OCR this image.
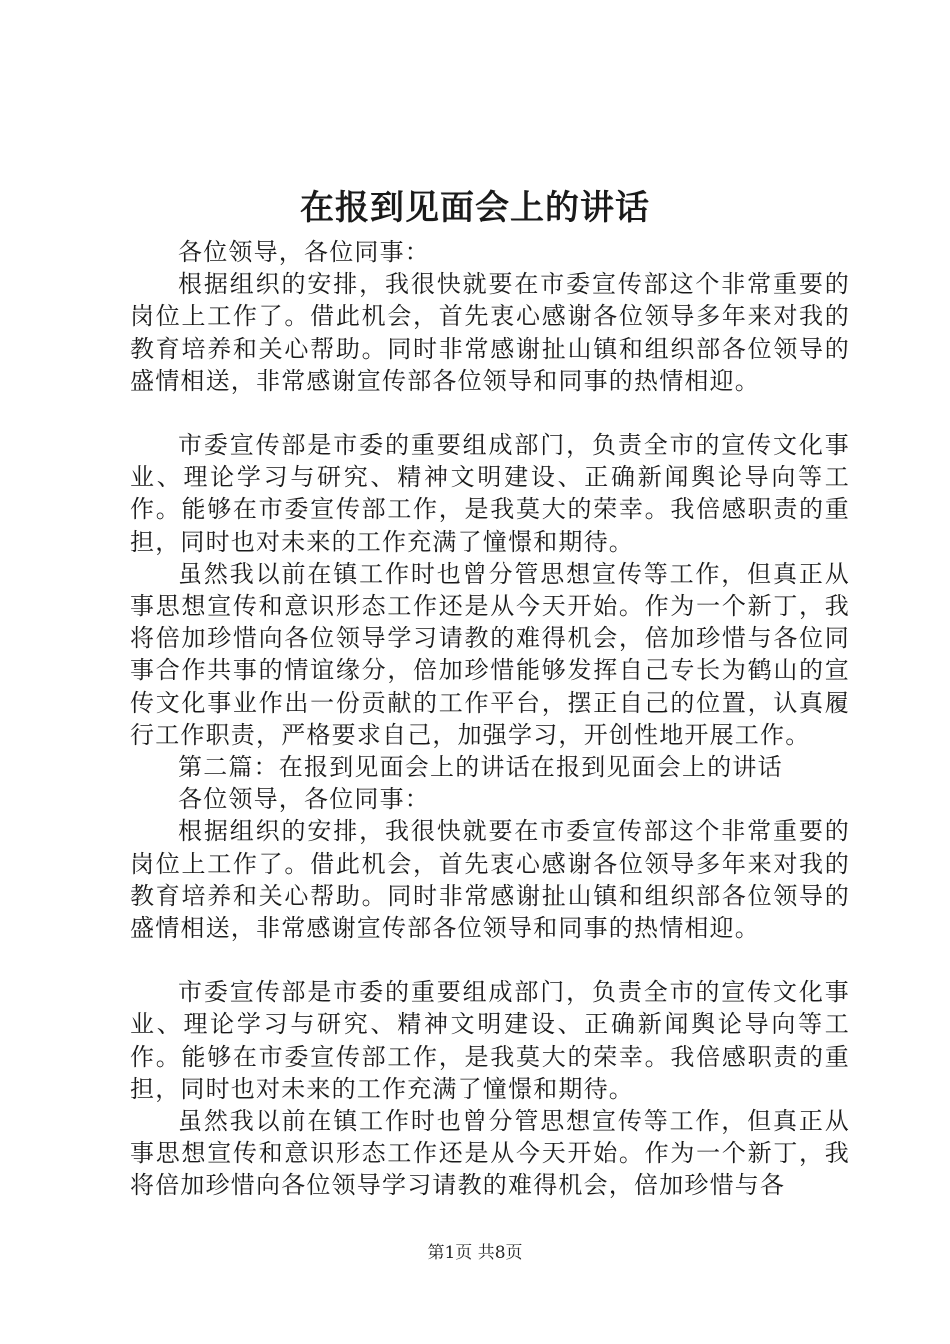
在报到见面会上的讲话

各位领导，各位同事：

根据组织的安排，我很快就要在市委宣传部这个非常重要的岗位上工作了。借此机会，首先衷心感谢各位领导多年来对我的教育培养和关心帮助。同时非常感谢扯山镇和组织部各位领导的盛情相送，非常感谢宣传部各位领导和同事的热情相迎。

市委宣传部是市委的重要组成部门，负责全市的宣传文化事业、理论学习与研究、精神文明建设、正确新闻舆论导向等工作。能够在市委宣传部工作，是我莫大的荣幸。我倍感职责的重担，同时也对未来的工作充满了憧憬和期待。

虽然我以前在镇工作时也曾分管思想宣传等工作，但真正从事思想宣传和意识形态工作还是从今天开始。作为一个新丁，我将倍加珍惜向各位领导学习请教的难得机会，倍加珍惜与各位同事合作共事的情谊缘分，倍加珍惜能够发挥自己专长为鹤山的宣传文化事业作出一份贡献的工作平台，摆正自己的位置，认真履行工作职责，严格要求自己，加强学习，开创性地开展工作。

第二篇：在报到见面会上的讲话在报到见面会上的讲话

各位领导，各位同事：

根据组织的安排，我很快就要在市委宣传部这个非常重要的岗位上工作了。借此机会，首先衷心感谢各位领导多年来对我的教育培养和关心帮助。同时非常感谢扯山镇和组织部各位领导的盛情相送，非常感谢宣传部各位领导和同事的热情相迎。

市委宣传部是市委的重要组成部门，负责全市的宣传文化事业、理论学习与研究、精神文明建设、正确新闻舆论导向等工作。能够在市委宣传部工作，是我莫大的荣幸。我倍感职责的重担，同时也对未来的工作充满了憧憬和期待。

虽然我以前在镇工作时也曾分管思想宣传等工作，但真正从事思想宣传和意识形态工作还是从今天开始。作为一个新丁，我将倍加珍惜向各位领导学习请教的难得机会，倍加珍惜与各

第1页 共8页
